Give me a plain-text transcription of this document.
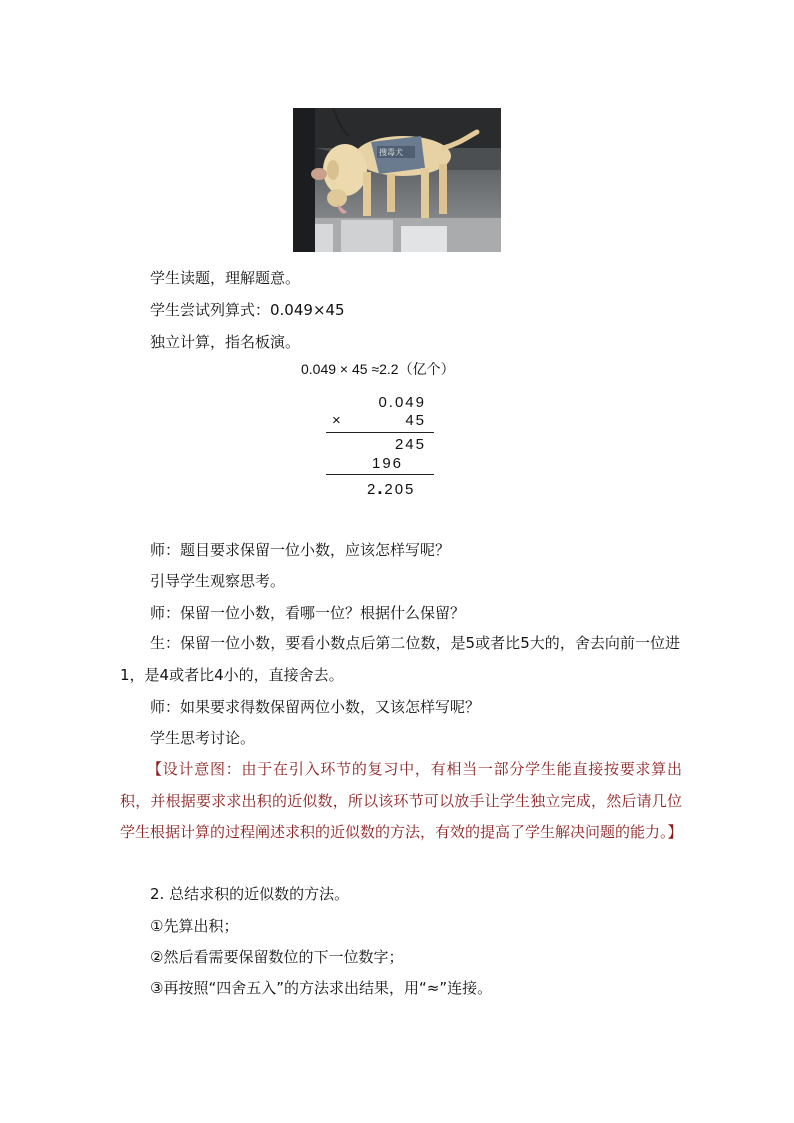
搜毒犬
学生读题，理解题意。
学生尝试列算式：0.049×45
独立计算，指名板演。
0.049 × 45 ≈2.2（亿个）
0.049
×	45
245
196
2.205
师：题目要求保留一位小数，应该怎样写呢？
引导学生观察思考。
师：保留一位小数，看哪一位？根据什么保留？
生：保留一位小数，要看小数点后第二位数，是5或者比5大的，舍去向前一位进1，是4或者比4小的，直接舍去。
师：如果要求得数保留两位小数，又该怎样写呢？
学生思考讨论。
【设计意图：由于在引入环节的复习中，有相当一部分学生能直接按要求算出积，并根据要求求出积的近似数，所以该环节可以放手让学生独立完成，然后请几位学生根据计算的过程阐述求积的近似数的方法，有效的提高了学生解决问题的能力。】
2. 总结求积的近似数的方法。
①先算出积；
②然后看需要保留数位的下一位数字；
③再按照“四舍五入”的方法求出结果，用“≈”连接。
